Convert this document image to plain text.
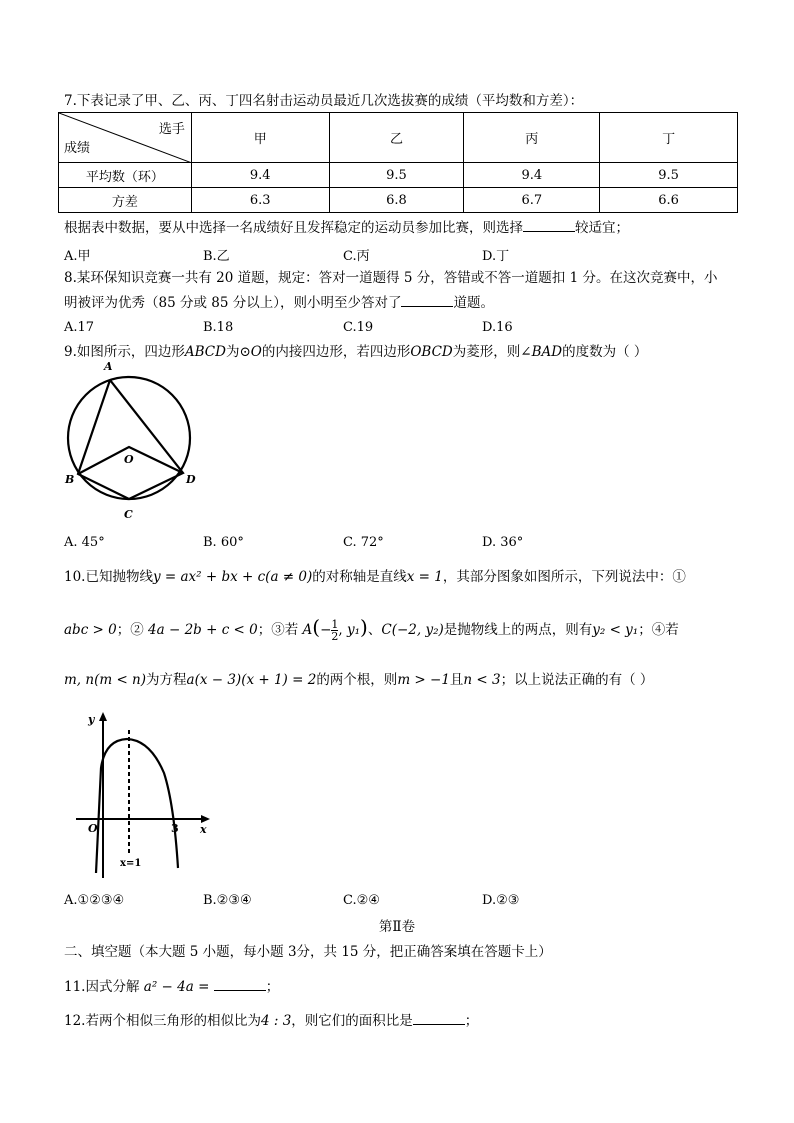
7.下表记录了甲、乙、丙、丁四名射击运动员最近几次选拔赛的成绩（平均数和方差）：
选手
成绩	甲	乙	丙	丁
平均数（环）	9.4	9.5	9.4	9.5
方差	6.3	6.8	6.7	6.6
根据表中数据，要从中选择一名成绩好且发挥稳定的运动员参加比赛，则选择	较适宜；
A.甲	B.乙	C.丙	D.丁
8.某环保知识竞赛一共有 20 道题，规定：答对一道题得 5 分，答错或不答一道题扣 1 分。在这次竞赛中，小
明被评为优秀（85 分或 85 分以上），则小明至少答对了	道题。
A.17	B.18	C.19	D.16
9.如图所示，四边形ABCD为⊙O的内接四边形，若四边形OBCD为菱形，则∠BAD的度数为（ ）
A
B
C
D
O
A. 45°	B. 60°	C. 72°	D. 36°
10.已知抛物线y = ax² + bx + c(a ≠ 0)的对称轴是直线x = 1，其部分图象如图所示，下列说法中：①
abc > 0；② 4a − 2b + c < 0；③若 $A(- \frac{1}{2}$ , y₁)、C(−2, y₂)是抛物线上的两点，则有y₂ < y₁；④若
m, n(m < n)为方程a(x − 3)(x + 1) = 2的两个根，则m > −1且n < 3；以上说法正确的有（ ）
y
x
O	3
x=1
A.①②③④	B.②③④	C.②④	D.②③
第Ⅱ卷
二、填空题（本大题 5 小题，每小题 3分，共 15 分，把正确答案填在答题卡上）
11.因式分解 a² − 4a =	；
12.若两个相似三角形的相似比为4 : 3，则它们的面积比是	；
